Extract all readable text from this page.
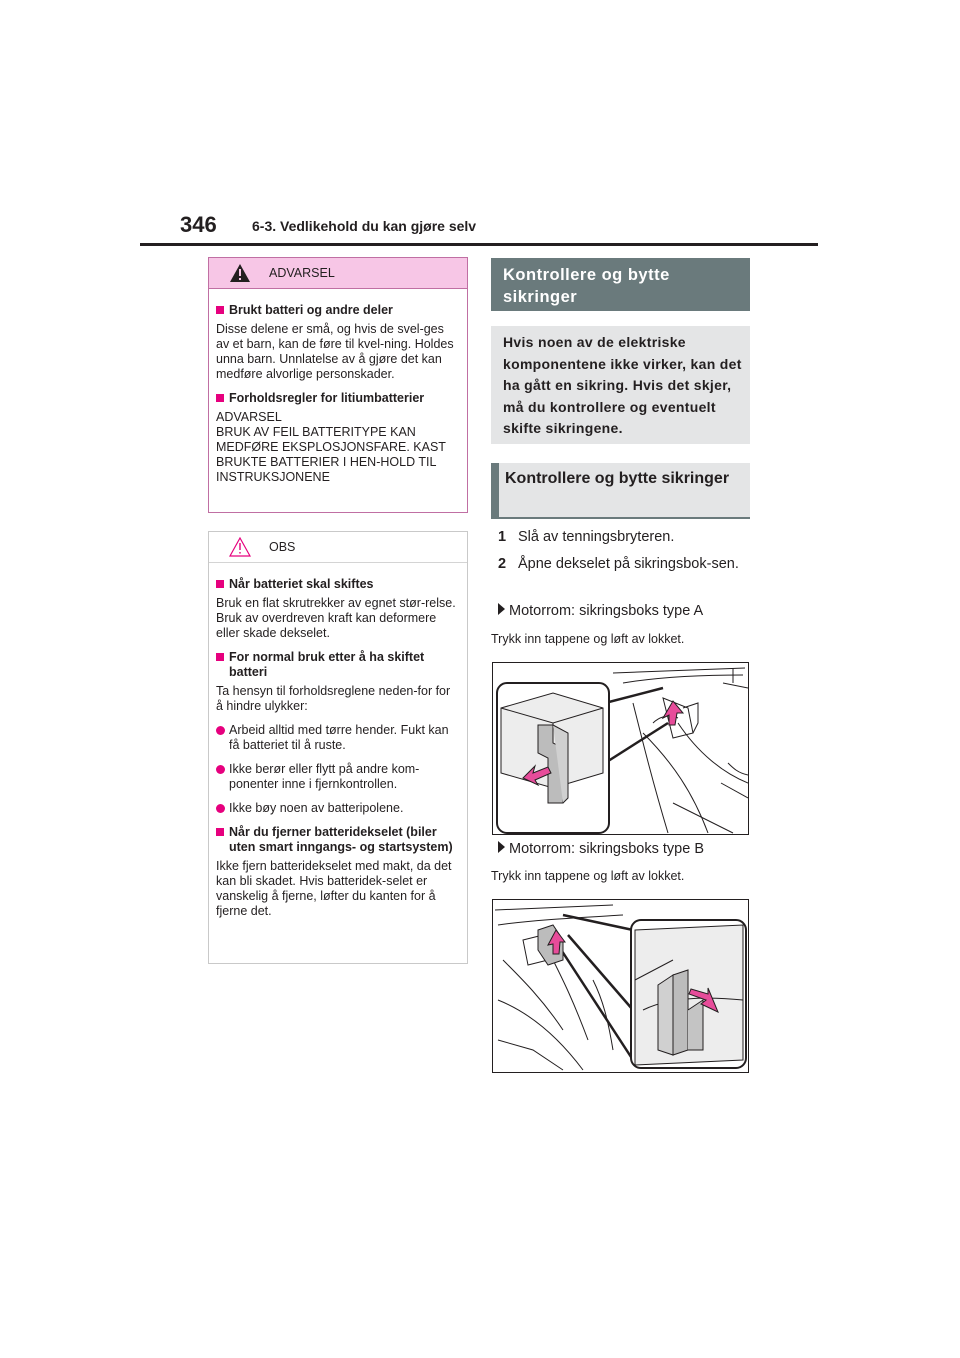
346	6-3. Vedlikehold du kan gjøre selv
ADVARSEL
Brukt batteri og andre deler
Disse delene er små, og hvis de svel-ges av et barn, kan de føre til kvel-ning. Holdes unna barn. Unnlatelse av å gjøre det kan medføre alvorlige personskader.
Forholdsregler for litiumbatterier
ADVARSEL
BRUK AV FEIL BATTERITYPE KAN MEDFØRE EKSPLOSJONSFARE. KAST BRUKTE BATTERIER I HEN-HOLD TIL INSTRUKSJONENE
OBS
Når batteriet skal skiftes
Bruk en flat skrutrekker av egnet stør-relse. Bruk av overdreven kraft kan deformere eller skade dekselet.
For normal bruk etter å ha skiftet batteri
Ta hensyn til forholdsreglene neden-for for å hindre ulykker:
Arbeid alltid med tørre hender. Fukt kan få batteriet til å ruste.
Ikke berør eller flytt på andre kom-ponenter inne i fjernkontrollen.
Ikke bøy noen av batteripolene.
Når du fjerner batteridekselet (biler uten smart inngangs- og startsystem)
Ikke fjern batteridekselet med makt, da det kan bli skadet. Hvis batteridek-selet er vanskelig å fjerne, løfter du kanten for å fjerne det.
Kontrollere og bytte sikringer
Hvis noen av de elektriske komponentene ikke virker, kan det ha gått en sikring. Hvis det skjer, må du kontrollere og eventuelt skifte sikringene.
Kontrollere og bytte sikringer
1 Slå av tenningsbryteren.
2 Åpne dekselet på sikringsbok-sen.
Motorrom: sikringsboks type A
Trykk inn tappene og løft av lokket.
Motorrom: sikringsboks type B
Trykk inn tappene og løft av lokket.
